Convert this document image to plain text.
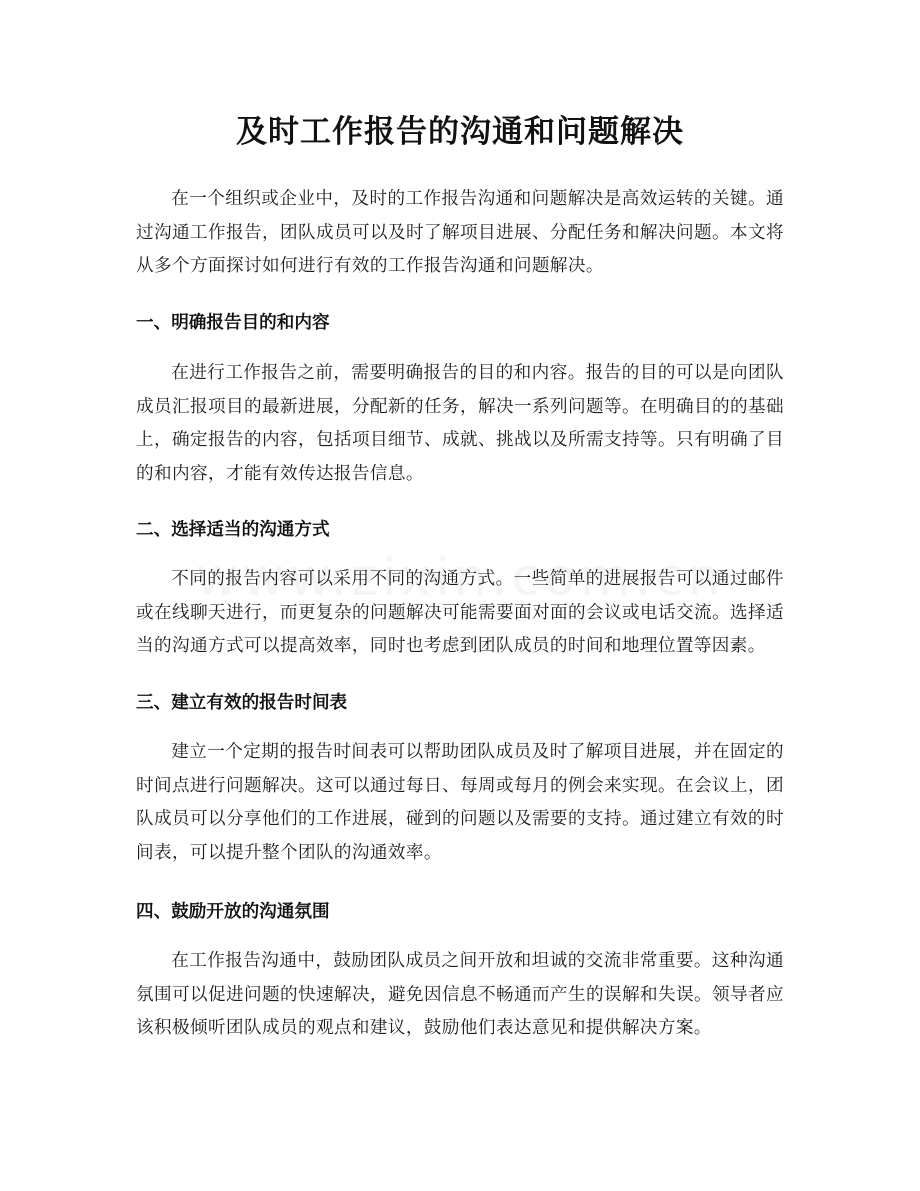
及时工作报告的沟通和问题解决

在一个组织或企业中，及时的工作报告沟通和问题解决是高效运转的关键。通过沟通工作报告，团队成员可以及时了解项目进展、分配任务和解决问题。本文将从多个方面探讨如何进行有效的工作报告沟通和问题解决。

一、明确报告目的和内容

在进行工作报告之前，需要明确报告的目的和内容。报告的目的可以是向团队成员汇报项目的最新进展，分配新的任务，解决一系列问题等。在明确目的的基础上，确定报告的内容，包括项目细节、成就、挑战以及所需支持等。只有明确了目的和内容，才能有效传达报告信息。

二、选择适当的沟通方式

不同的报告内容可以采用不同的沟通方式。一些简单的进展报告可以通过邮件或在线聊天进行，而更复杂的问题解决可能需要面对面的会议或电话交流。选择适当的沟通方式可以提高效率，同时也考虑到团队成员的时间和地理位置等因素。

三、建立有效的报告时间表

建立一个定期的报告时间表可以帮助团队成员及时了解项目进展，并在固定的时间点进行问题解决。这可以通过每日、每周或每月的例会来实现。在会议上，团队成员可以分享他们的工作进展，碰到的问题以及需要的支持。通过建立有效的时间表，可以提升整个团队的沟通效率。

四、鼓励开放的沟通氛围

在工作报告沟通中，鼓励团队成员之间开放和坦诚的交流非常重要。这种沟通氛围可以促进问题的快速解决，避免因信息不畅通而产生的误解和失误。领导者应该积极倾听团队成员的观点和建议，鼓励他们表达意见和提供解决方案。
